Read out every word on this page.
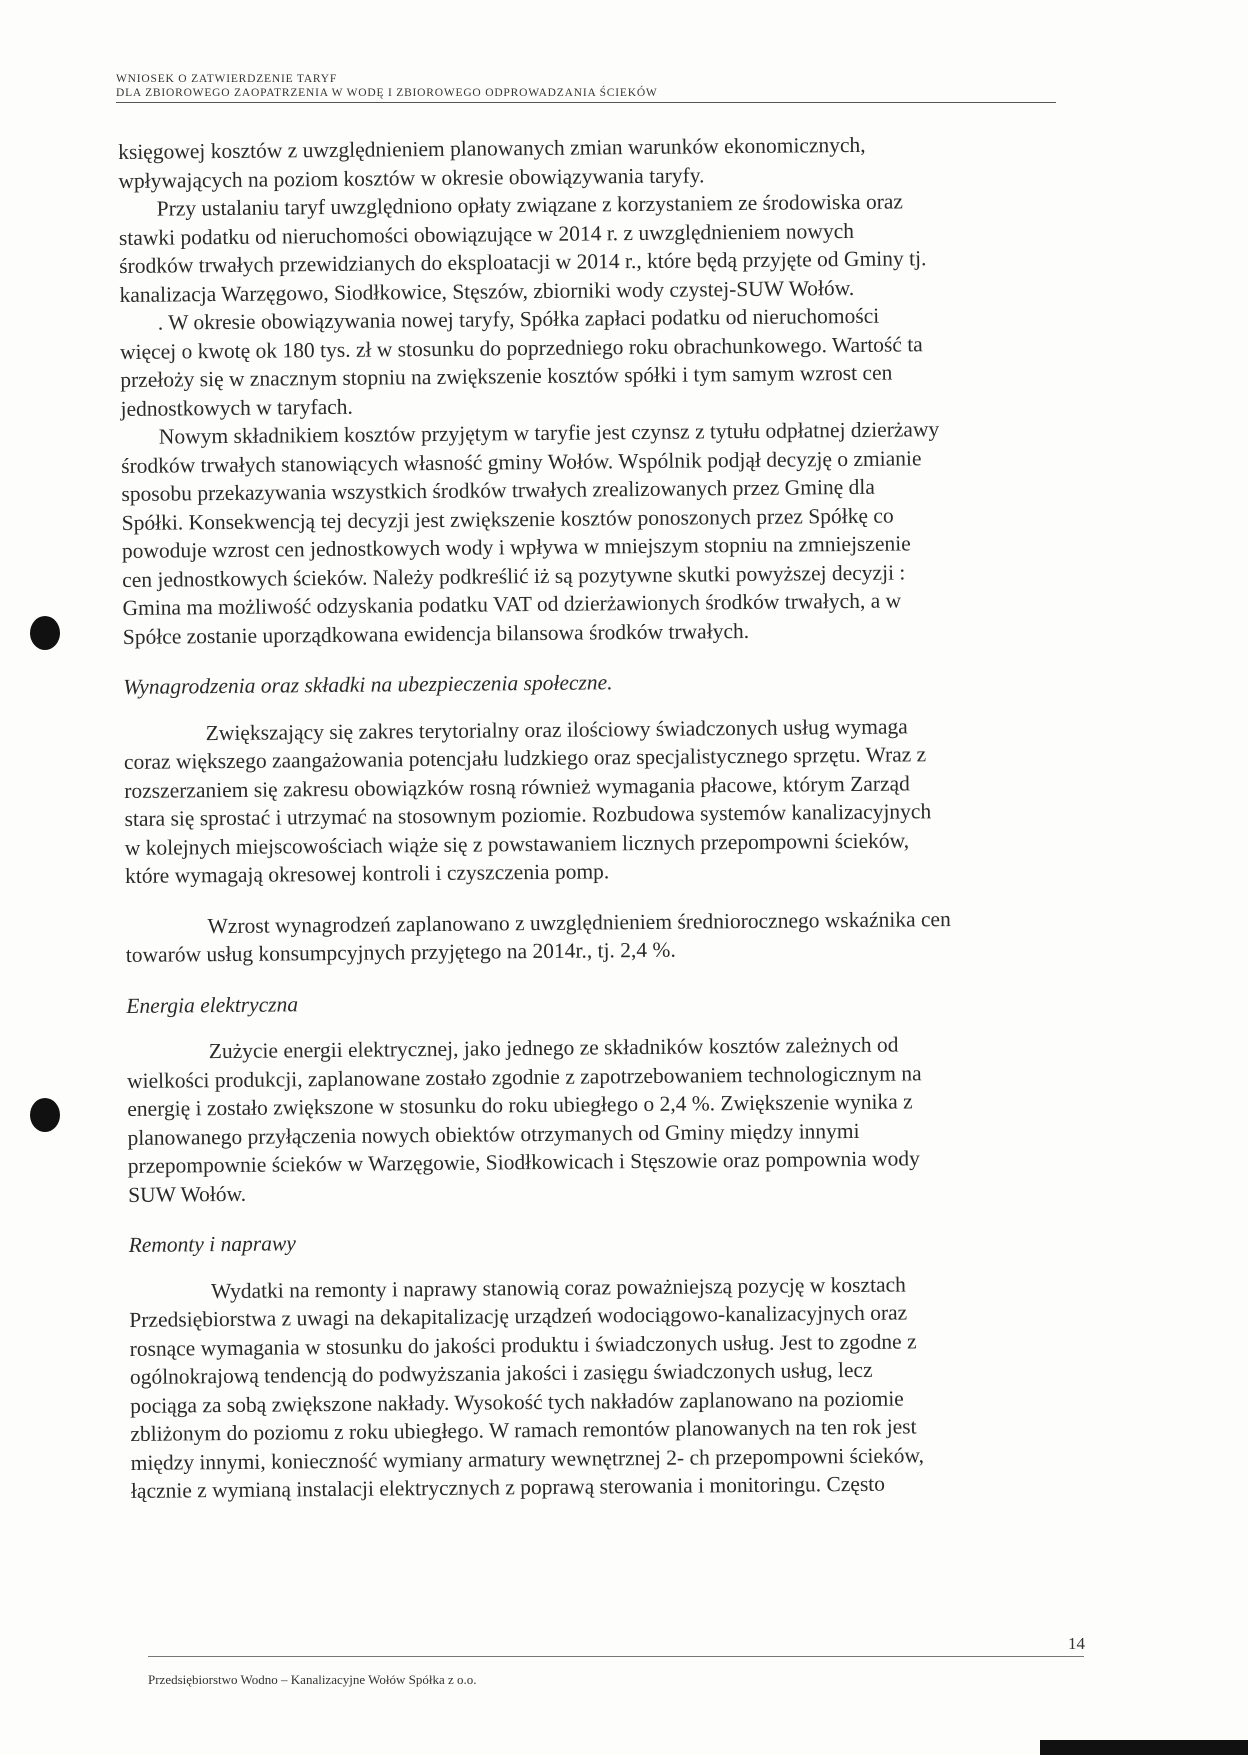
WNIOSEK O ZATWIERDZENIE TARYF
DLA ZBIOROWEGO ZAOPATRZENIA W WODĘ I ZBIOROWEGO ODPROWADZANIA ŚCIEKÓW
księgowej kosztów z uwzględnieniem planowanych zmian warunków ekonomicznych,
wpływających na poziom kosztów w okresie obowiązywania taryfy.
Przy ustalaniu taryf uwzględniono opłaty związane z korzystaniem ze środowiska oraz
stawki podatku od nieruchomości obowiązujące w 2014 r. z uwzględnieniem nowych
środków trwałych przewidzianych do eksploatacji w 2014 r., które będą przyjęte od Gminy tj.
kanalizacja Warzęgowo, Siodłkowice, Stęszów, zbiorniki wody czystej-SUW Wołów.
. W okresie obowiązywania nowej taryfy, Spółka zapłaci podatku od nieruchomości
więcej o kwotę ok 180 tys. zł w stosunku do poprzedniego roku obrachunkowego. Wartość ta
przełoży się w znacznym stopniu na zwiększenie kosztów spółki i tym samym wzrost cen
jednostkowych w taryfach.
Nowym składnikiem kosztów przyjętym w taryfie jest czynsz z tytułu odpłatnej dzierżawy
środków trwałych stanowiących własność gminy Wołów. Wspólnik podjął decyzję o zmianie
sposobu przekazywania wszystkich środków trwałych zrealizowanych przez Gminę dla
Spółki. Konsekwencją tej decyzji jest zwiększenie kosztów ponoszonych przez Spółkę co
powoduje wzrost cen jednostkowych wody i wpływa w mniejszym stopniu na zmniejszenie
cen jednostkowych ścieków. Należy podkreślić iż są pozytywne skutki powyższej decyzji :
Gmina ma możliwość odzyskania podatku VAT od dzierżawionych środków trwałych, a w
Spółce zostanie uporządkowana ewidencja bilansowa środków trwałych.
Wynagrodzenia oraz składki na ubezpieczenia społeczne.
Zwiększający się zakres terytorialny oraz ilościowy świadczonych usług wymaga
coraz większego zaangażowania potencjału ludzkiego oraz specjalistycznego sprzętu. Wraz z
rozszerzaniem się zakresu obowiązków rosną również wymagania płacowe, którym Zarząd
stara się sprostać i utrzymać na stosownym poziomie. Rozbudowa systemów kanalizacyjnych
w kolejnych miejscowościach wiąże się z powstawaniem licznych przepompowni ścieków,
które wymagają okresowej kontroli i czyszczenia pomp.
Wzrost wynagrodzeń zaplanowano z uwzględnieniem średniorocznego wskaźnika cen
towarów usług konsumpcyjnych przyjętego na 2014r., tj. 2,4 %.
Energia elektryczna
Zużycie energii elektrycznej, jako jednego ze składników kosztów zależnych od
wielkości produkcji, zaplanowane zostało zgodnie z zapotrzebowaniem technologicznym na
energię i zostało zwiększone w stosunku do roku ubiegłego o 2,4 %. Zwiększenie wynika z
planowanego przyłączenia nowych obiektów otrzymanych od Gminy między innymi
przepompownie ścieków w Warzęgowie, Siodłkowicach i Stęszowie oraz pompownia wody
SUW Wołów.
Remonty i naprawy
Wydatki na remonty i naprawy stanowią coraz poważniejszą pozycję w kosztach
Przedsiębiorstwa z uwagi na dekapitalizację urządzeń wodociągowo-kanalizacyjnych oraz
rosnące wymagania w stosunku do jakości produktu i świadczonych usług. Jest to zgodne z
ogólnokrajową tendencją do podwyższania jakości i zasięgu świadczonych usług, lecz
pociąga za sobą zwiększone nakłady. Wysokość tych nakładów zaplanowano na poziomie
zbliżonym do poziomu z roku ubiegłego. W ramach remontów planowanych na ten rok jest
między innymi, konieczność wymiany armatury wewnętrznej 2- ch przepompowni ścieków,
łącznie z wymianą instalacji elektrycznych z poprawą sterowania i monitoringu. Często
14
Przedsiębiorstwo Wodno – Kanalizacyjne Wołów Spółka z o.o.
